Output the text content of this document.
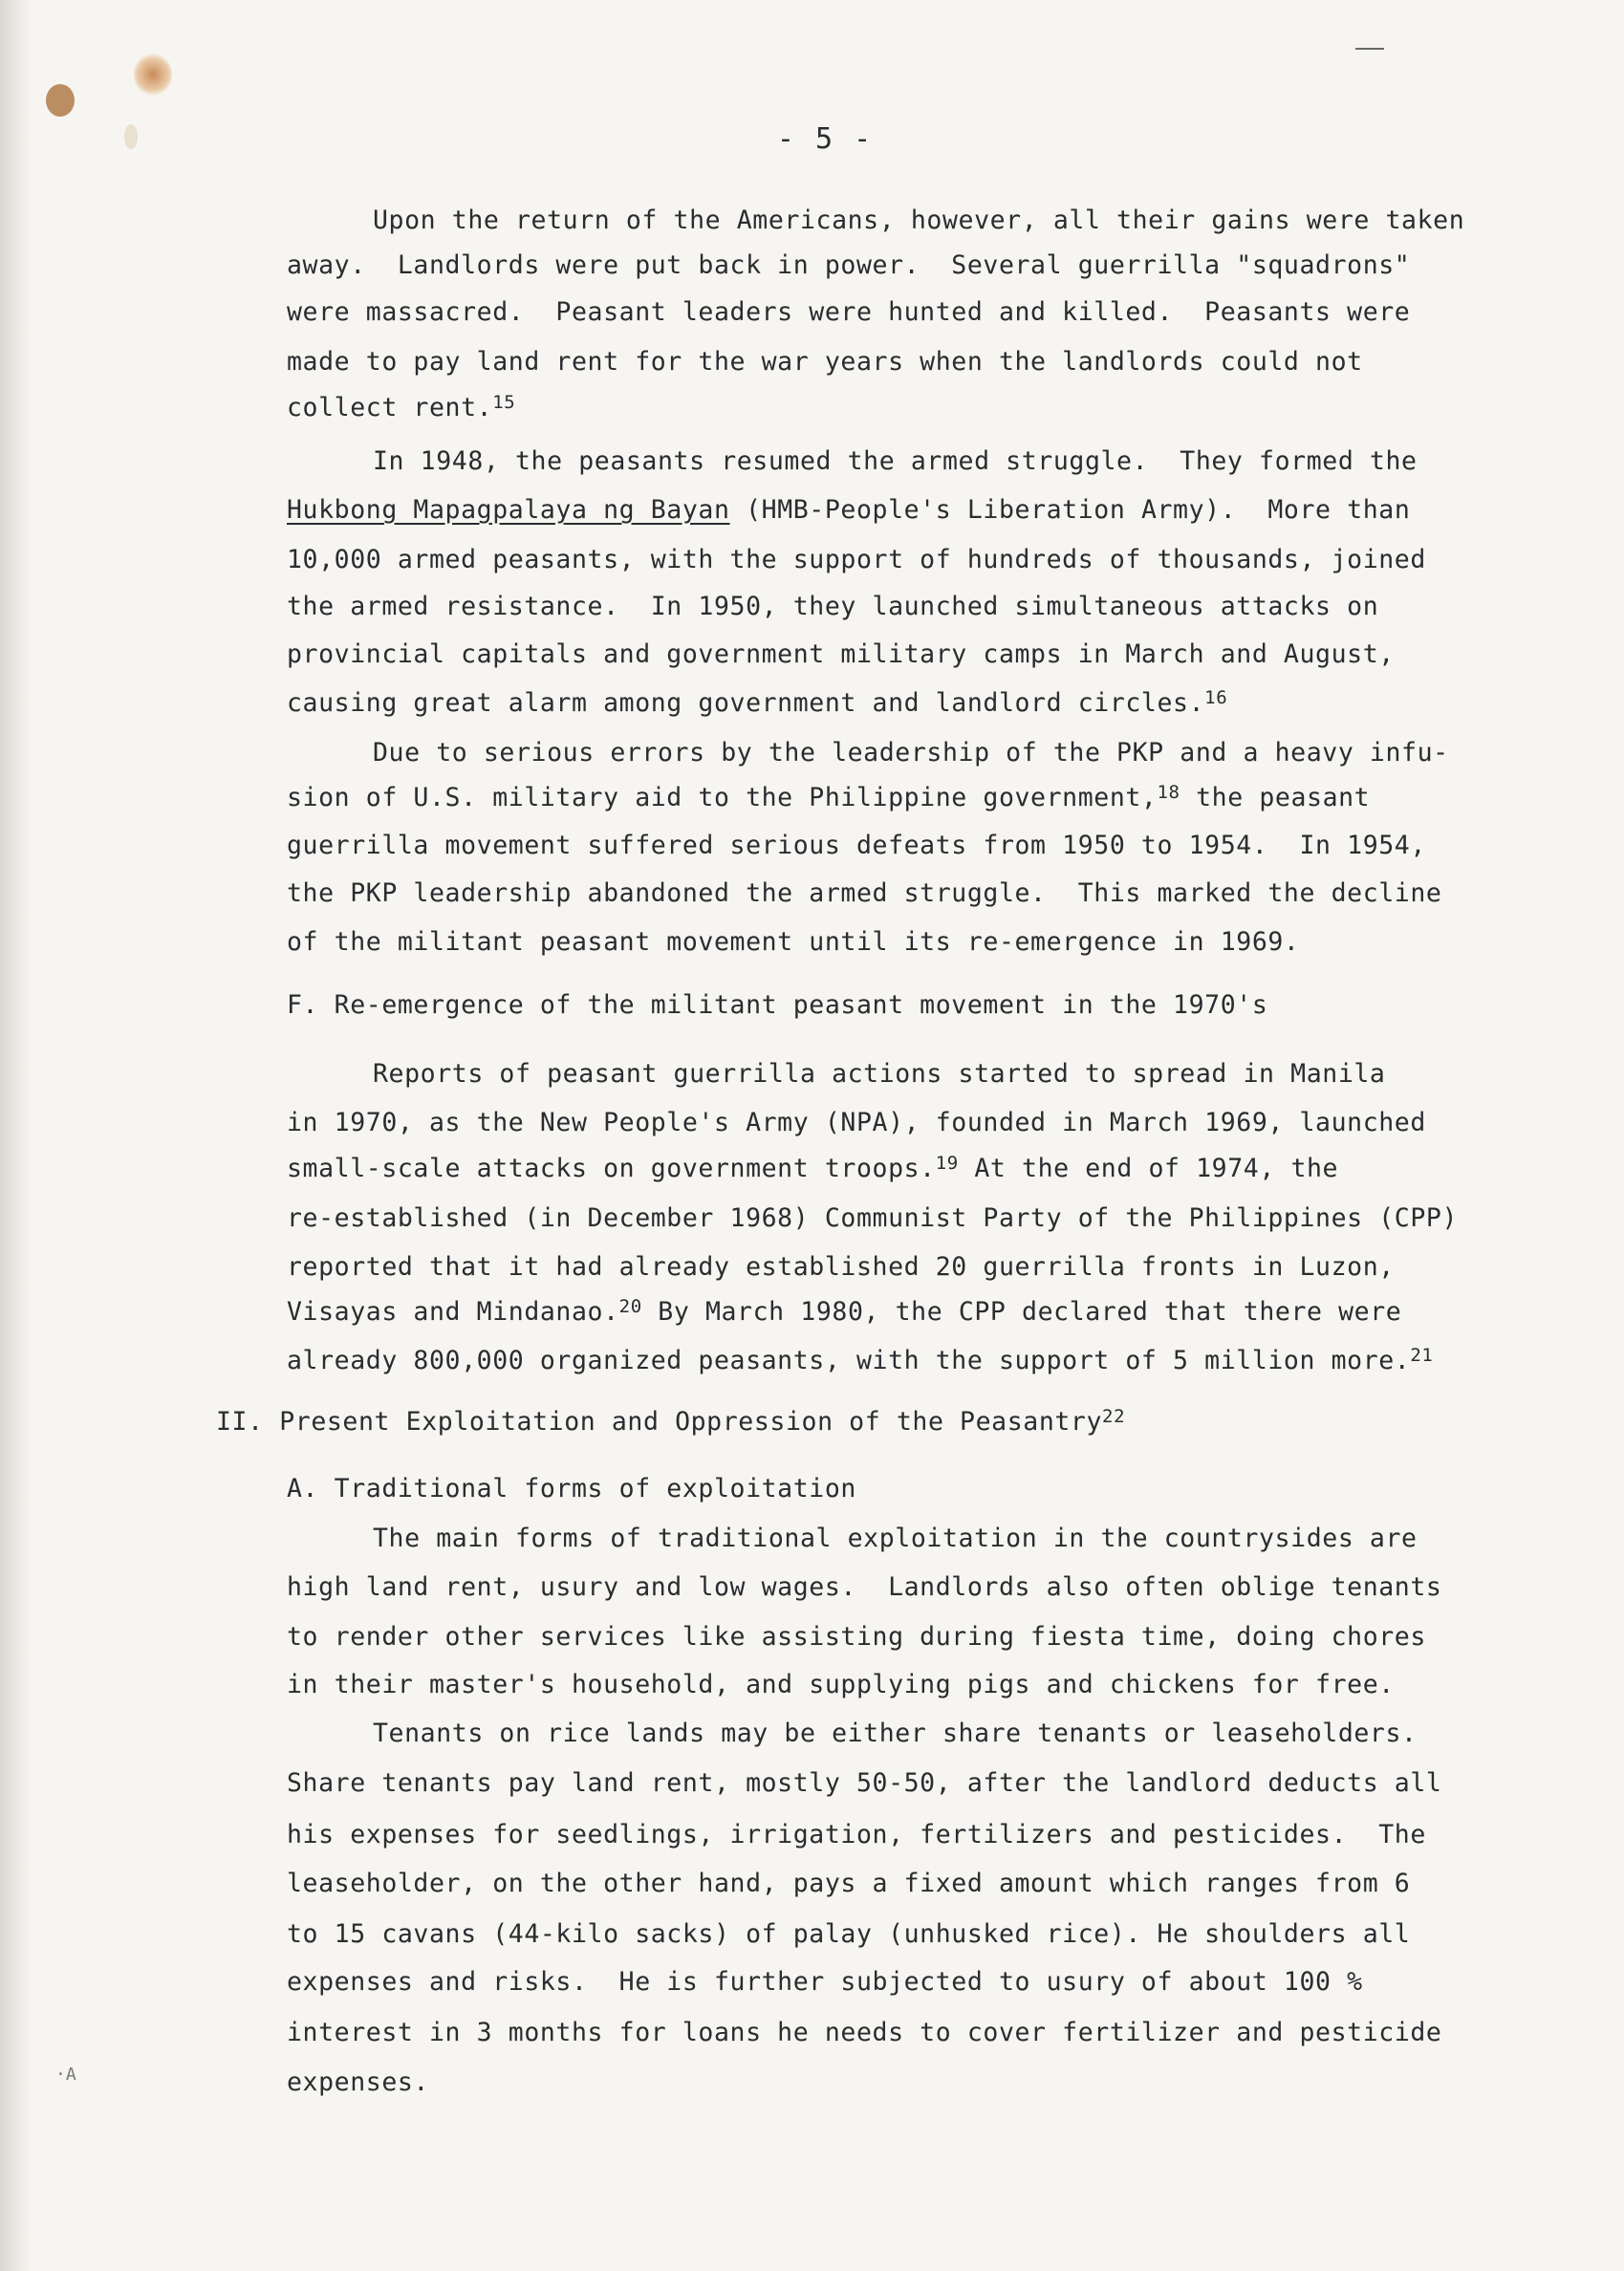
- 5 -
·A
Upon the return of the Americans, however, all their gains were taken
away.  Landlords were put back in power.  Several guerrilla "squadrons"
were massacred.  Peasant leaders were hunted and killed.  Peasants were
made to pay land rent for the war years when the landlords could not
collect rent.$^{15}$
In 1948, the peasants resumed the armed struggle.  They formed the
Hukbong Mapagpalaya ng Bayan (HMB-People's Liberation Army).  More than
10,000 armed peasants, with the support of hundreds of thousands, joined
the armed resistance.  In 1950, they launched simultaneous attacks on
provincial capitals and government military camps in March and August,
causing great alarm among government and landlord circles.$^{16}$
Due to serious errors by the leadership of the PKP and a heavy infu-
sion of U.S. military aid to the Philippine government,$^{18}$ the peasant
guerrilla movement suffered serious defeats from 1950 to 1954.  In 1954,
the PKP leadership abandoned the armed struggle.  This marked the decline
of the militant peasant movement until its re-emergence in 1969.
F. Re-emergence of the militant peasant movement in the 1970's
Reports of peasant guerrilla actions started to spread in Manila
in 1970, as the New People's Army (NPA), founded in March 1969, launched
small-scale attacks on government troops.$^{19}$ At the end of 1974, the
re-established (in December 1968) Communist Party of the Philippines (CPP)
reported that it had already established 20 guerrilla fronts in Luzon,
Visayas and Mindanao.$^{20}$ By March 1980, the CPP declared that there were
already 800,000 organized peasants, with the support of 5 million more.$^{21}$
II. Present Exploitation and Oppression of the Peasantry$^{22}$
A. Traditional forms of exploitation
The main forms of traditional exploitation in the countrysides are
high land rent, usury and low wages.  Landlords also often oblige tenants
to render other services like assisting during fiesta time, doing chores
in their master's household, and supplying pigs and chickens for free.
Tenants on rice lands may be either share tenants or leaseholders.
Share tenants pay land rent, mostly 50-50, after the landlord deducts all
his expenses for seedlings, irrigation, fertilizers and pesticides.  The
leaseholder, on the other hand, pays a fixed amount which ranges from 6
to 15 cavans (44-kilo sacks) of palay (unhusked rice). He shoulders all
expenses and risks.  He is further subjected to usury of about 100 %
interest in 3 months for loans he needs to cover fertilizer and pesticide
expenses.
